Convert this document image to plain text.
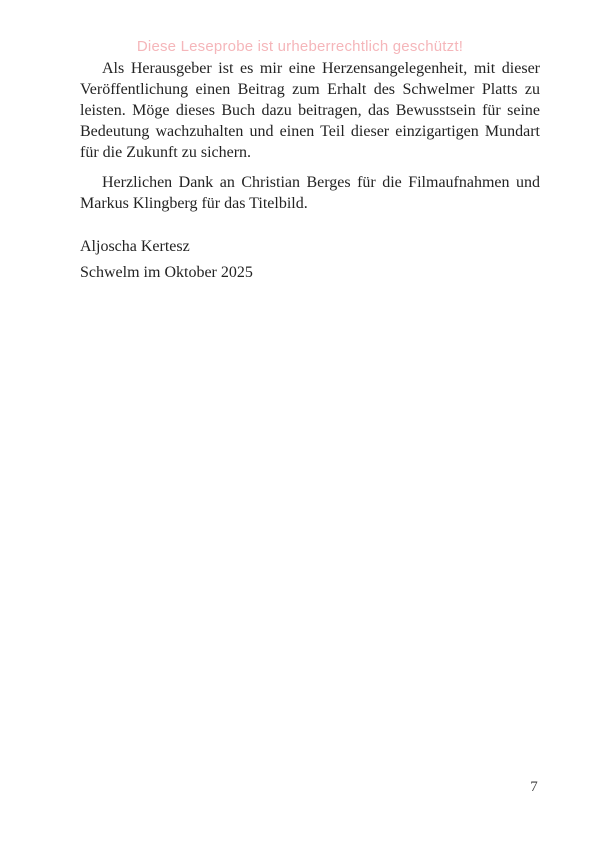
Diese Leseprobe ist urheberrechtlich geschützt!

Als Herausgeber ist es mir eine Herzensangelegenheit, mit dieser Veröffentlichung einen Beitrag zum Erhalt des Schwelmer Platts zu leisten. Möge dieses Buch dazu beitragen, das Bewusstsein für seine Bedeutung wachzuhalten und einen Teil dieser einzigartigen Mundart für die Zukunft zu sichern.

Herzlichen Dank an Christian Berges für die Filmaufnahmen und Markus Klingberg für das Titelbild.

Aljoscha Kertesz

Schwelm im Oktober 2025

7
